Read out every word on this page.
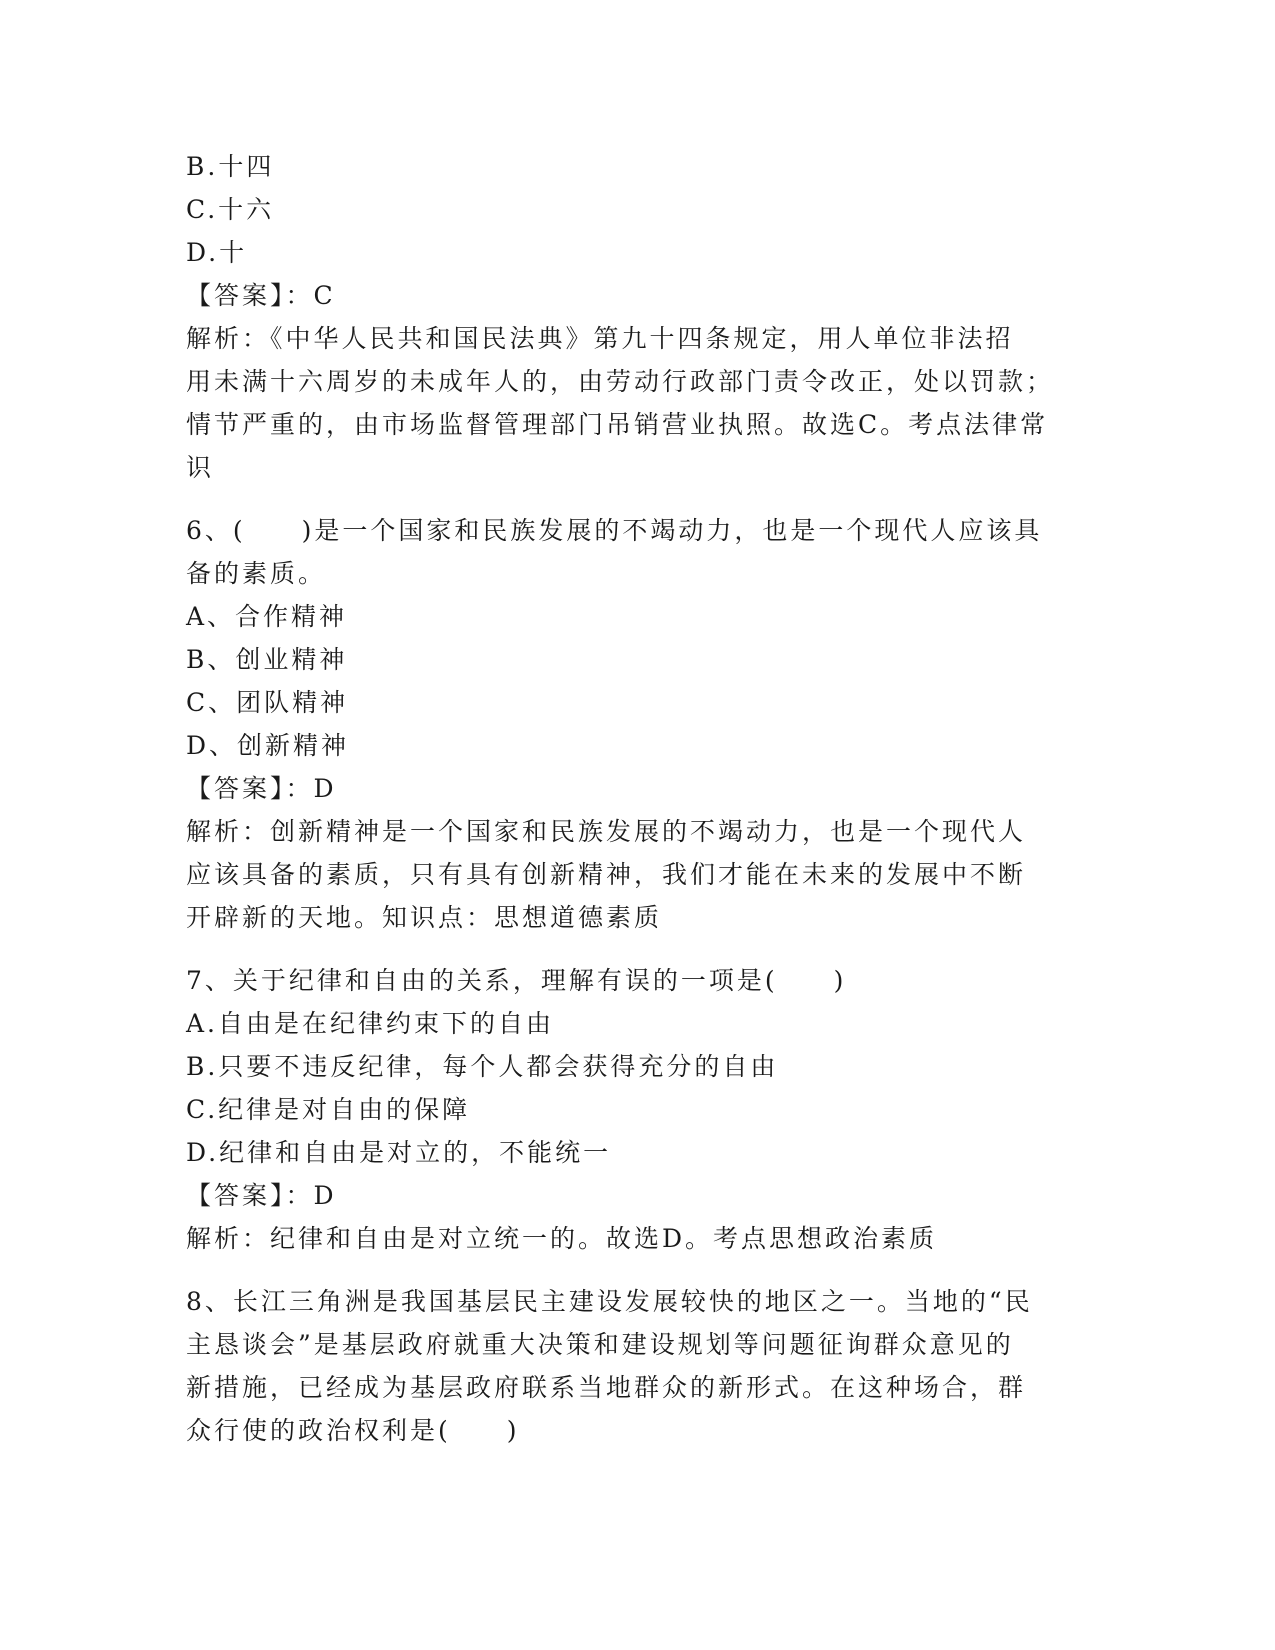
B.十四
C.十六
D.十
【答案】：C
解析：《中华人民共和国民法典》第九十四条规定，用人单位非法招
用未满十六周岁的未成年人的，由劳动行政部门责令改正，处以罚款；
情节严重的，由市场监督管理部门吊销营业执照。故选C。考点法律常
识
6、(　　)是一个国家和民族发展的不竭动力，也是一个现代人应该具
备的素质。
A、合作精神
B、创业精神
C、团队精神
D、创新精神
【答案】：D
解析：创新精神是一个国家和民族发展的不竭动力，也是一个现代人
应该具备的素质，只有具有创新精神，我们才能在未来的发展中不断
开辟新的天地。知识点：思想道德素质
7、关于纪律和自由的关系，理解有误的一项是(　　)
A.自由是在纪律约束下的自由
B.只要不违反纪律，每个人都会获得充分的自由
C.纪律是对自由的保障
D.纪律和自由是对立的，不能统一
【答案】：D
解析：纪律和自由是对立统一的。故选D。考点思想政治素质
8、长江三角洲是我国基层民主建设发展较快的地区之一。当地的“民
主恳谈会”是基层政府就重大决策和建设规划等问题征询群众意见的
新措施，已经成为基层政府联系当地群众的新形式。在这种场合，群
众行使的政治权利是(　　)
